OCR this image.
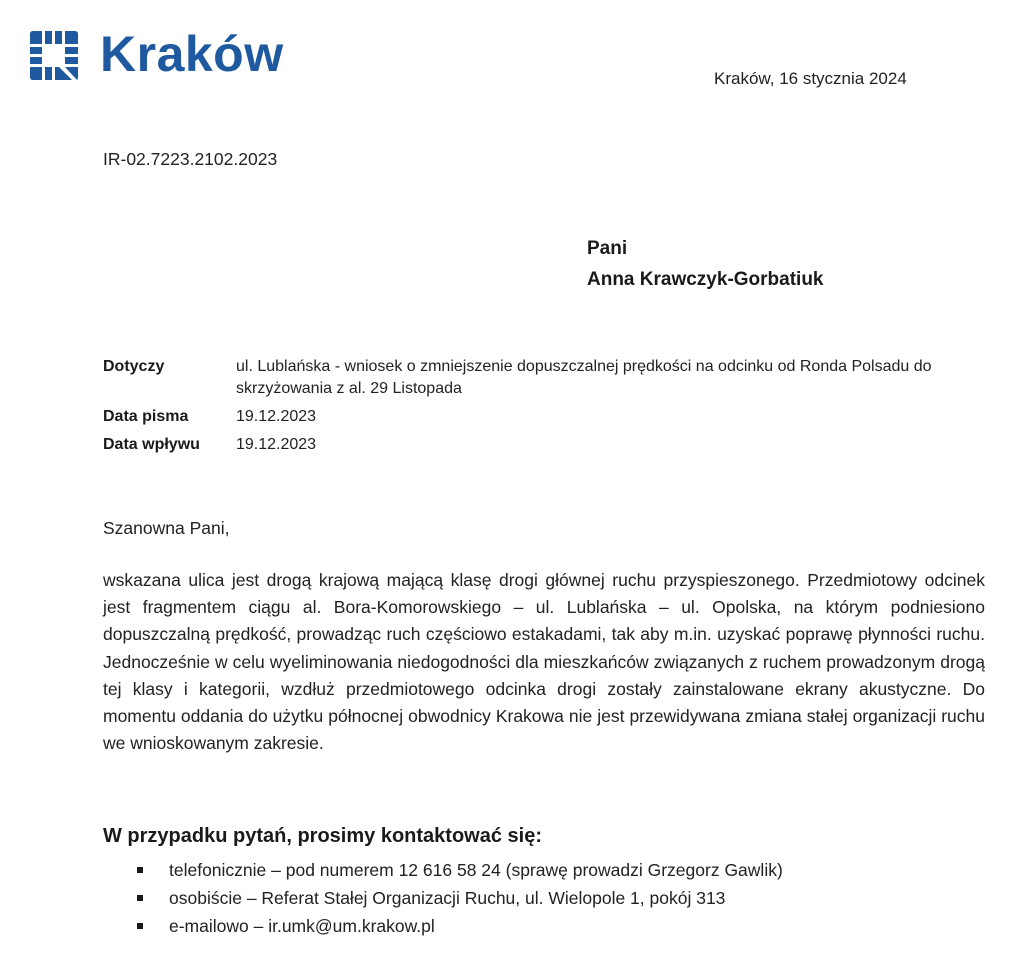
Kraków	Kraków, 16 stycznia 2024
IR-02.7223.2102.2023
Pani
Anna Krawczyk-Gorbatiuk
Dotyczy	ul. Lublańska - wniosek o zmniejszenie dopuszczalnej prędkości na odcinku od Ronda Polsadu do skrzyżowania z al. 29 Listopada
Data pisma	19.12.2023
Data wpływu	19.12.2023
Szanowna Pani,

wskazana ulica jest drogą krajową mającą klasę drogi głównej ruchu przyspieszonego. Przedmiotowy odcinek jest fragmentem ciągu al. Bora-Komorowskiego – ul. Lublańska – ul. Opolska, na którym podniesiono dopuszczalną prędkość, prowadząc ruch częściowo estakadami, tak aby m.in. uzyskać poprawę płynności ruchu. Jednocześnie w celu wyeliminowania niedogodności dla mieszkańców związanych z ruchem prowadzonym drogą tej klasy i kategorii, wzdłuż przedmiotowego odcinka drogi zostały zainstalowane ekrany akustyczne. Do momentu oddania do użytku północnej obwodnicy Krakowa nie jest przewidywana zmiana stałej organizacji ruchu we wnioskowanym zakresie.

W przypadku pytań, prosimy kontaktować się:
telefonicznie – pod numerem 12 616 58 24 (sprawę prowadzi Grzegorz Gawlik)
osobiście – Referat Stałej Organizacji Ruchu, ul. Wielopole 1, pokój 313
e-mailowo – ir.umk@um.krakow.pl
